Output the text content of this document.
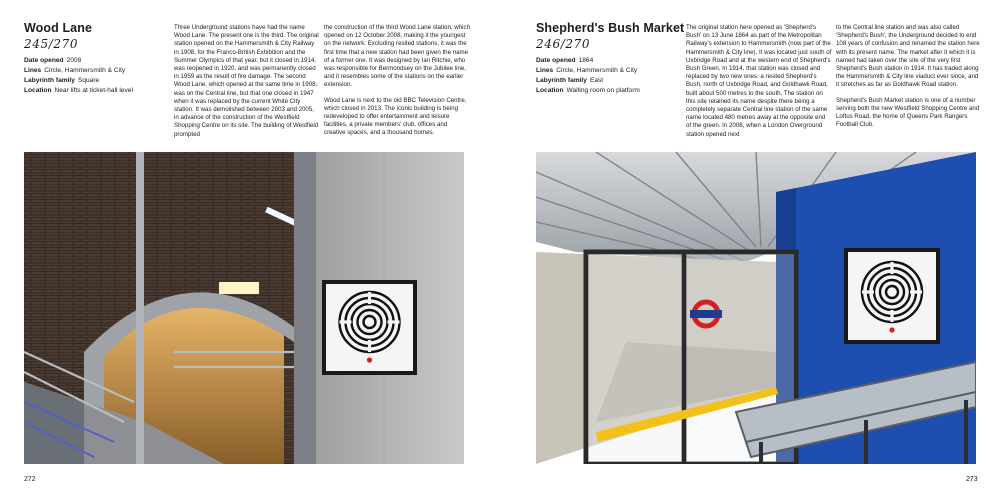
Wood Lane
245/270
Date opened 2008
Lines Circle, Hammersmith & City
Labyrinth family Square
Location Near lifts at ticket-hall level

Three Underground stations have had the name Wood Lane. The present one is the third. The original station opened on the Hammersmith & City Railway in 1908, for the Franco-British Exhibition and the Summer Olympics of that year, but it closed in 1914, was reopened in 1920, and was permanently closed in 1959 as the result of fire damage. The second Wood Lane, which opened at the same time in 1908, was on the Central line, but that one closed in 1947 when it was replaced by the current White City station. It was demolished between 2003 and 2005, in advance of the construction of the Westfield Shopping Centre on its site. The building of Westfield prompted

the construction of the third Wood Lane station, which opened on 12 October 2008, making it the youngest on the network. Excluding resited stations, it was the first time that a new station had been given the name of a former one. It was designed by Ian Ritchie, who was responsible for Bermondsey on the Jubilee line, and it resembles some of the stations on the earlier extension.

Wood Lane is next to the old BBC Television Centre, which closed in 2013. The iconic building is being redeveloped to offer entertainment and leisure facilities, a private members' club, offices and creative spaces, and a thousand homes.

272
Shepherd's Bush Market
246/270
Date opened 1864
Lines Circle, Hammersmith & City
Labyrinth family East
Location Waiting room on platform

The original station here opened as 'Shepherd's Bush' on 13 June 1864 as part of the Metropolitan Railway's extension to Hammersmith (now part of the Hammersmith & City line). It was located just south of Uxbridge Road and at the western end of Shepherd's Bush Green. In 1914, that station was closed and replaced by two new ones: a resited Shepherd's Bush, north of Uxbridge Road, and Goldhawk Road, built about 500 metres to the south. The station on this site retained its name despite there being a completely separate Central line station of the same name located 480 metres away at the opposite end of the green. In 2008, when a London Overground station opened next

to the Central line station and was also called 'Shepherd's Bush', the Underground decided to end 108 years of confusion and renamed the station here with its present name. The market after it which it is named had taken over the site of the very first Shepherd's Bush station in 1914. It has traded along the Hammersmith & City line viaduct ever since, and it stretches as far as Goldhawk Road station.

Shepherd's Bush Market station is one of a number serving both the new Westfield Shopping Centre and Loftus Road, the home of Queens Park Rangers Football Club.

273
